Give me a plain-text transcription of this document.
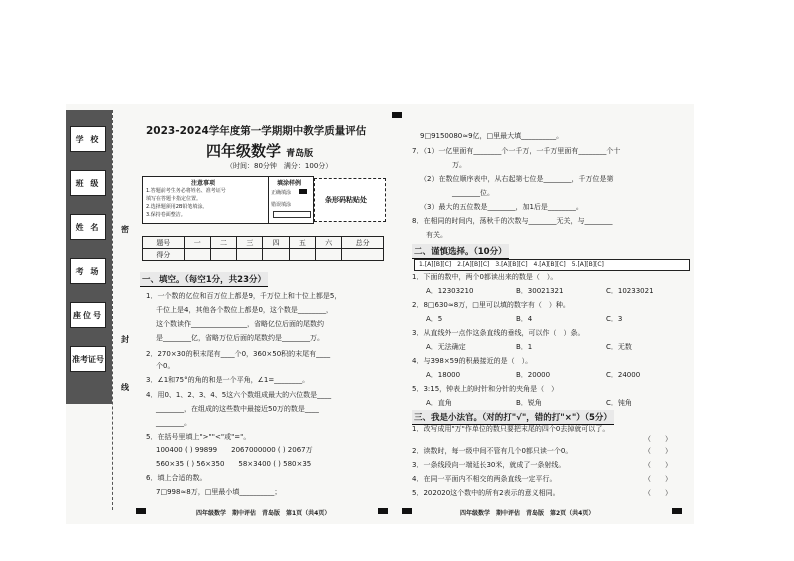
学 校
班 级
姓 名
考 场
座位号
准考证号
密
封
线
2023-2024学年度第一学期期中教学质量评估
四年级数学 青岛版
（时间：80分钟　满分：100分）
注意事项
1.答题前考生务必将姓名、准考证号
填写在答题卡指定位置。
2.选择题须用2B铅笔填涂。
3.保持卷面整洁。
填涂样例
正确填涂
错误填涂
条形码粘贴处
题号	一	二	三	四	五	六	总分
得分							
一、填空。（每空1分，共23分）
1．一个数的亿位和百万位上都是9，千万位上和十位上都是5，
千位上是4，其他各个数位上都是0，这个数是________，
这个数读作________________，省略亿位后面的尾数约
是________亿，省略万位后面的尾数约是________万。
2．270×30的积末尾有____个0，360×50积的末尾有____
个0。
3．∠1和75°的角的和是一个平角，∠1=________。
4．用0、1、2、3、4、5这六个数组成最大的六位数是____
________，在组成的这些数中最接近50万的数是____
________。
5．在括号里填上">""<"或"="。
100400 ( ) 99899　　2067000000 ( ) 2067万
560×35 ( ) 56×350　　58×3400 ( ) 580×35
6．填上合适的数。
7□998≈8万，□里最小填__________；
四年级数学　期中评估　青岛版　第1页（共4页）
9□9150080≈9亿，□里最大填__________。
7．（1）一亿里面有________个一千万，一千万里面有________个十
万。
（2）在数位顺序表中，从右起第七位是________，千万位是第
________位。
（3）最大的五位数是________，加1后是________。
8．在相同的时间内，荡秋千的次数与________无关，与________
有关。
二、谨慎选择。（10分）
1.[A][B][C]　2.[A][B][C]　3.[A][B][C]　4.[A][B][C]　5.[A][B][C]
1．下面的数中，两个0都读出来的数是（　）。
A．12303210	B．30021321	C．10233021
2．8□630≈8万，□里可以填的数字有（　）种。
A．5	B．4	C．3
3．从直线外一点作这条直线的垂线，可以作（　）条。
A．无法确定	B．1	C．无数
4．与398×59的积最接近的是（　）。
A．18000	B．20000	C．24000
5．3:15，钟表上的时针和分针的夹角是（　）
A．直角	B．锐角	C．钝角
三、我是小法官。（对的打"√"，错的打"×"）（5分）
1．改写成用"万"作单位的数只要把末尾的四个0去掉就可以了。
（　　）
2．读数时，每一级中间不管有几个0都只读一个0。	（　　）
3．一条线段向一端延长30米，就成了一条射线。	（　　）
4．在同一平面内不相交的两条直线一定平行。	（　　）
5．202020这个数中的所有2表示的意义相同。	（　　）
四年级数学　期中评估　青岛版　第2页（共4页）
